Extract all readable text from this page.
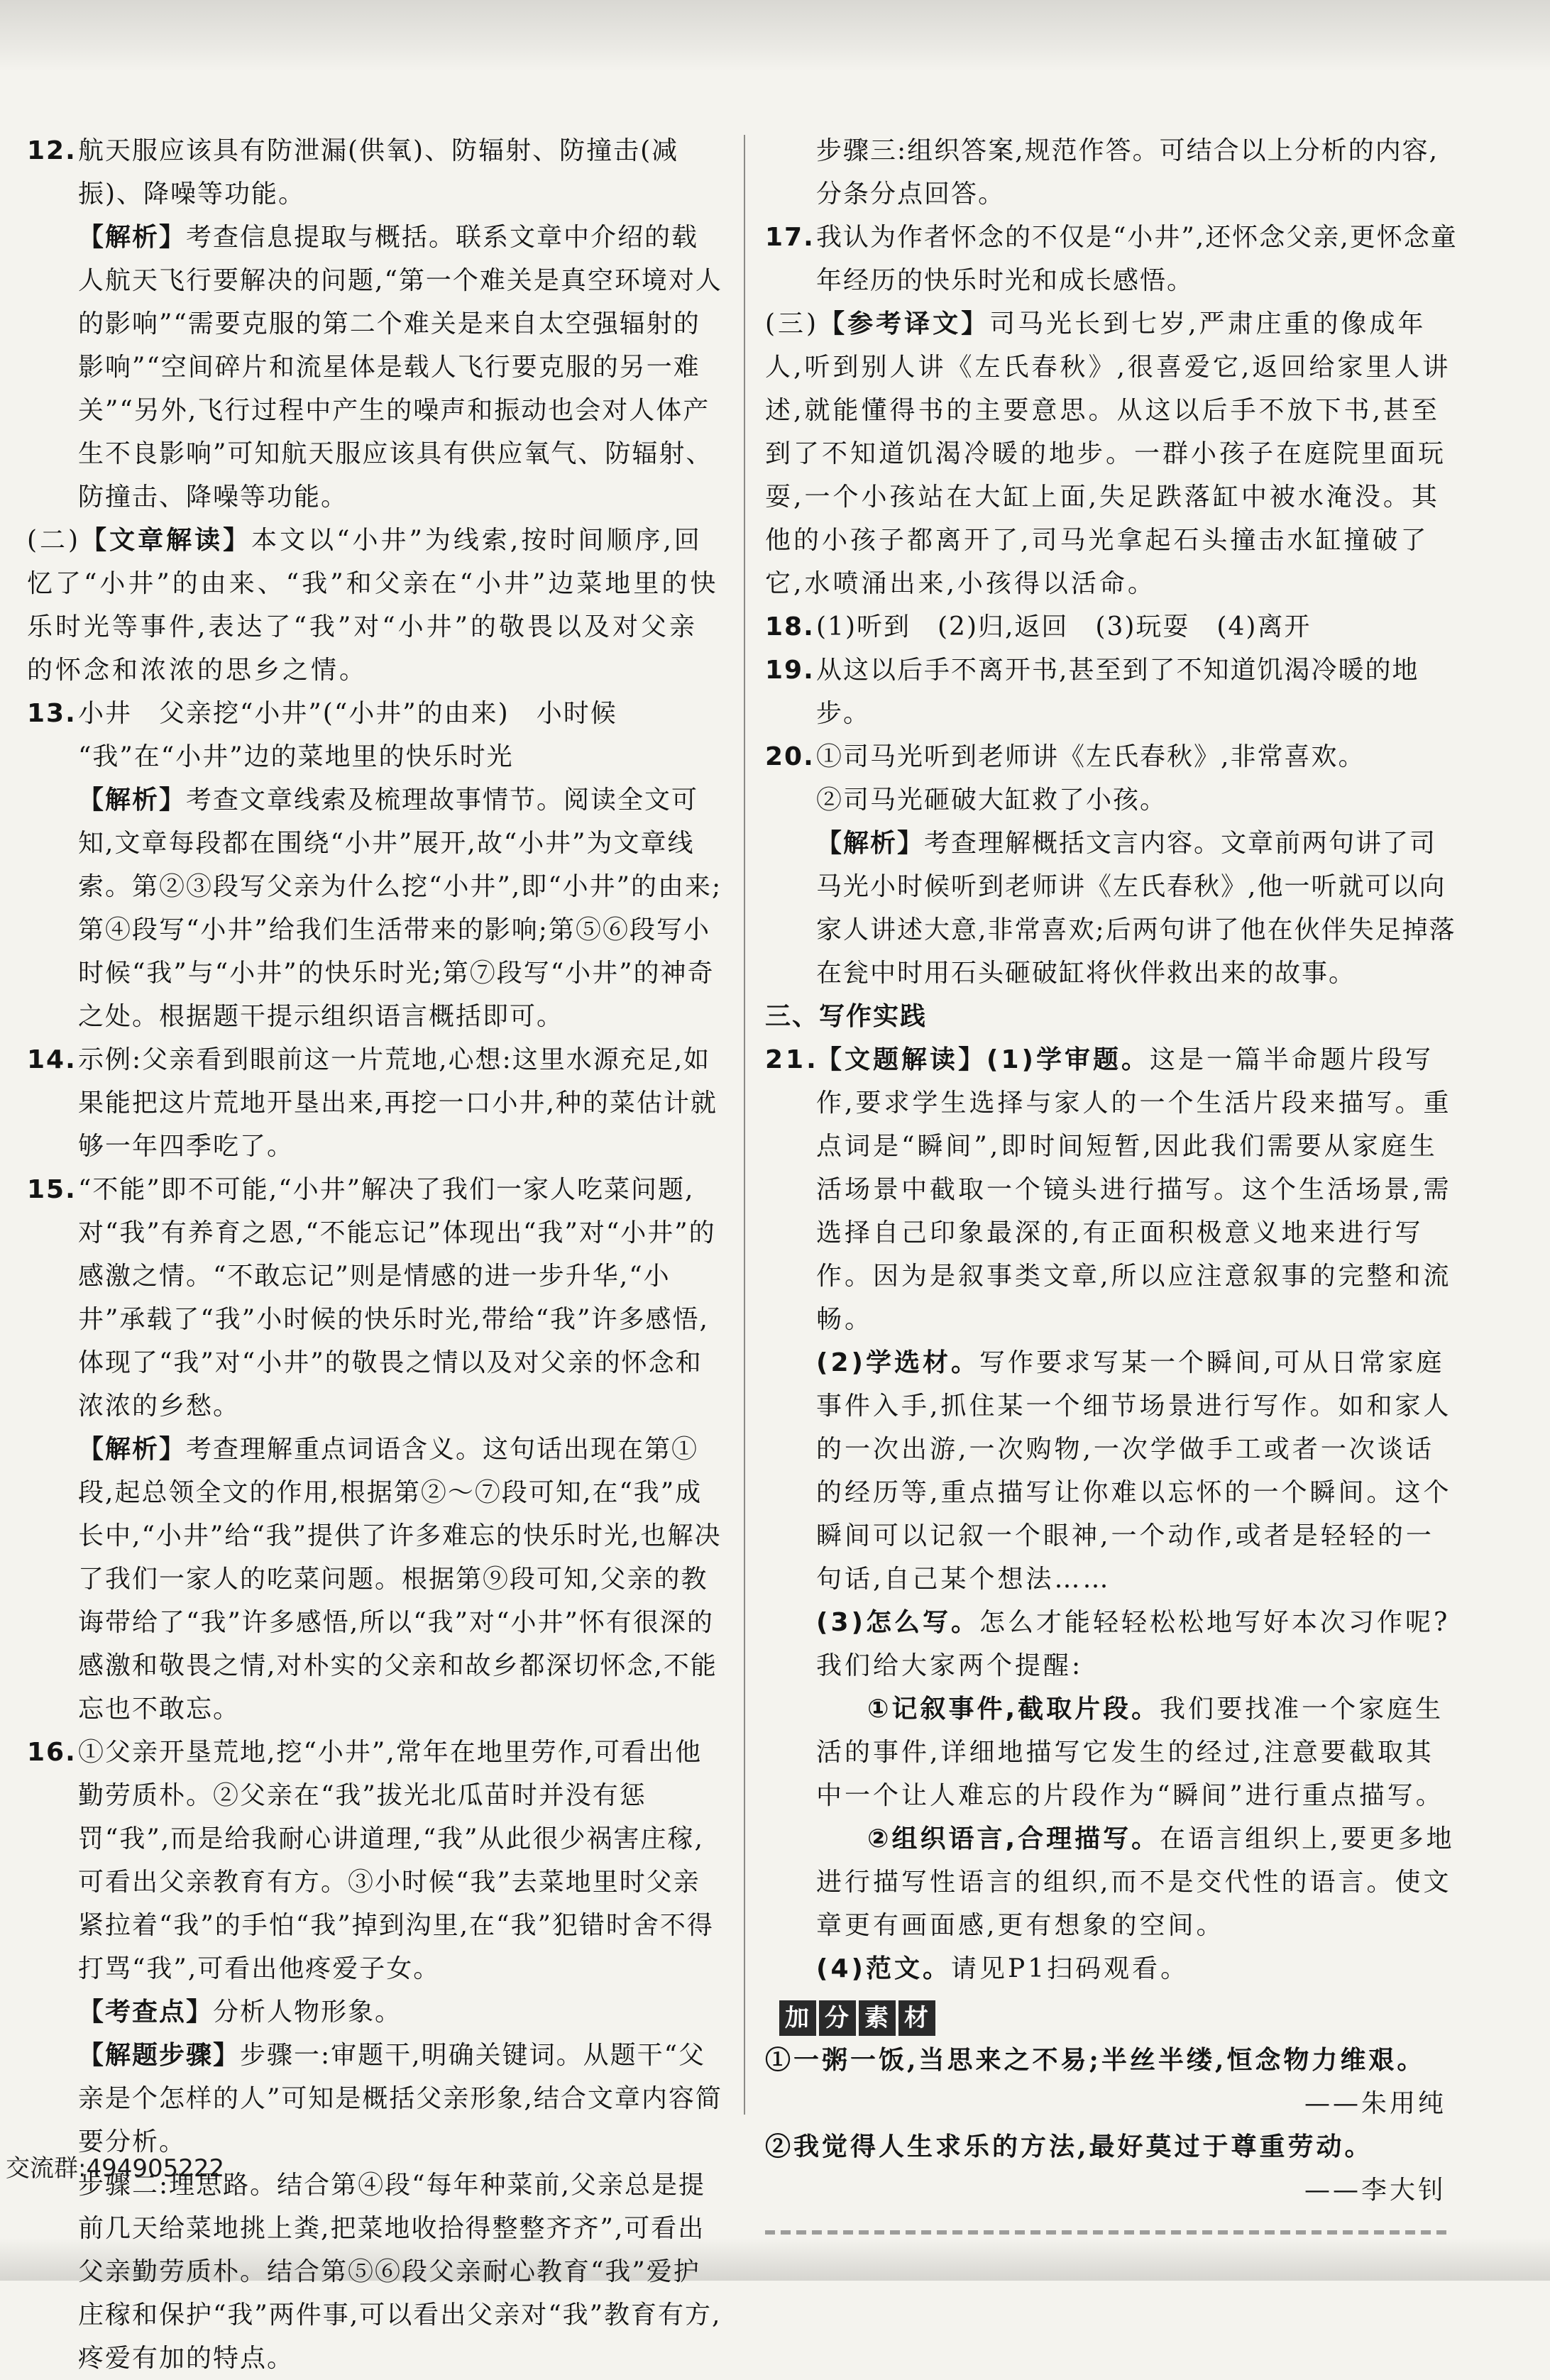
12.航天服应该具有防泄漏(供氧)、防辐射、防撞击(减振)、降噪等功能。
【解析】考查信息提取与概括。联系文章中介绍的载人航天飞行要解决的问题,“第一个难关是真空环境对人的影响”“需要克服的第二个难关是来自太空强辐射的影响”“空间碎片和流星体是载人飞行要克服的另一难关”“另外,飞行过程中产生的噪声和振动也会对人体产生不良影响”可知航天服应该具有供应氧气、防辐射、防撞击、降噪等功能。
(二)【文章解读】本文以“小井”为线索,按时间顺序,回忆了“小井”的由来、“我”和父亲在“小井”边菜地里的快乐时光等事件,表达了“我”对“小井”的敬畏以及对父亲的怀念和浓浓的思乡之情。
13.小井　父亲挖“小井”(“小井”的由来)　小时候
“我”在“小井”边的菜地里的快乐时光
【解析】考查文章线索及梳理故事情节。阅读全文可知,文章每段都在围绕“小井”展开,故“小井”为文章线索。第②③段写父亲为什么挖“小井”,即“小井”的由来;第④段写“小井”给我们生活带来的影响;第⑤⑥段写小时候“我”与“小井”的快乐时光;第⑦段写“小井”的神奇之处。根据题干提示组织语言概括即可。
14.示例:父亲看到眼前这一片荒地,心想:这里水源充足,如果能把这片荒地开垦出来,再挖一口小井,种的菜估计就够一年四季吃了。
15.“不能”即不可能,“小井”解决了我们一家人吃菜问题,对“我”有养育之恩,“不能忘记”体现出“我”对“小井”的感激之情。“不敢忘记”则是情感的进一步升华,“小井”承载了“我”小时候的快乐时光,带给“我”许多感悟,体现了“我”对“小井”的敬畏之情以及对父亲的怀念和浓浓的乡愁。
【解析】考查理解重点词语含义。这句话出现在第①段,起总领全文的作用,根据第②～⑦段可知,在“我”成长中,“小井”给“我”提供了许多难忘的快乐时光,也解决了我们一家人的吃菜问题。根据第⑨段可知,父亲的教诲带给了“我”许多感悟,所以“我”对“小井”怀有很深的感激和敬畏之情,对朴实的父亲和故乡都深切怀念,不能忘也不敢忘。
16.①父亲开垦荒地,挖“小井”,常年在地里劳作,可看出他勤劳质朴。②父亲在“我”拔光北瓜苗时并没有惩罚“我”,而是给我耐心讲道理,“我”从此很少祸害庄稼,可看出父亲教育有方。③小时候“我”去菜地里时父亲紧拉着“我”的手怕“我”掉到沟里,在“我”犯错时舍不得打骂“我”,可看出他疼爱子女。
【考查点】分析人物形象。
【解题步骤】步骤一:审题干,明确关键词。从题干“父亲是个怎样的人”可知是概括父亲形象,结合文章内容简要分析。
步骤二:理思路。结合第④段“每年种菜前,父亲总是提前几天给菜地挑上粪,把菜地收拾得整整齐齐”,可看出父亲勤劳质朴。结合第⑤⑥段父亲耐心教育“我”爱护庄稼和保护“我”两件事,可以看出父亲对“我”教育有方,疼爱有加的特点。
步骤三:组织答案,规范作答。可结合以上分析的内容,分条分点回答。
17.我认为作者怀念的不仅是“小井”,还怀念父亲,更怀念童年经历的快乐时光和成长感悟。
(三)【参考译文】司马光长到七岁,严肃庄重的像成年人,听到别人讲《左氏春秋》,很喜爱它,返回给家里人讲述,就能懂得书的主要意思。从这以后手不放下书,甚至到了不知道饥渴冷暖的地步。一群小孩子在庭院里面玩耍,一个小孩站在大缸上面,失足跌落缸中被水淹没。其他的小孩子都离开了,司马光拿起石头撞击水缸撞破了它,水喷涌出来,小孩得以活命。
18.(1)听到　(2)归,返回　(3)玩耍　(4)离开
19.从这以后手不离开书,甚至到了不知道饥渴冷暖的地步。
20.①司马光听到老师讲《左氏春秋》,非常喜欢。
②司马光砸破大缸救了小孩。
【解析】考查理解概括文言内容。文章前两句讲了司马光小时候听到老师讲《左氏春秋》,他一听就可以向家人讲述大意,非常喜欢;后两句讲了他在伙伴失足掉落在瓮中时用石头砸破缸将伙伴救出来的故事。
三、写作实践
21.【文题解读】(1)学审题。这是一篇半命题片段写作,要求学生选择与家人的一个生活片段来描写。重点词是“瞬间”,即时间短暂,因此我们需要从家庭生活场景中截取一个镜头进行描写。这个生活场景,需选择自己印象最深的,有正面积极意义地来进行写作。因为是叙事类文章,所以应注意叙事的完整和流畅。
(2)学选材。写作要求写某一个瞬间,可从日常家庭事件入手,抓住某一个细节场景进行写作。如和家人的一次出游,一次购物,一次学做手工或者一次谈话的经历等,重点描写让你难以忘怀的一个瞬间。这个瞬间可以记叙一个眼神,一个动作,或者是轻轻的一句话,自己某个想法……
(3)怎么写。怎么才能轻轻松松地写好本次习作呢?我们给大家两个提醒:
①记叙事件,截取片段。我们要找准一个家庭生活的事件,详细地描写它发生的经过,注意要截取其中一个让人难忘的片段作为“瞬间”进行重点描写。
②组织语言,合理描写。在语言组织上,要更多地进行描写性语言的组织,而不是交代性的语言。使文章更有画面感,更有想象的空间。
(4)范文。请见P1扫码观看。
加 分 素 材
①一粥一饭,当思来之不易;半丝半缕,恒念物力维艰。
——朱用纯
②我觉得人生求乐的方法,最好莫过于尊重劳动。
——李大钊
交流群:494905222
